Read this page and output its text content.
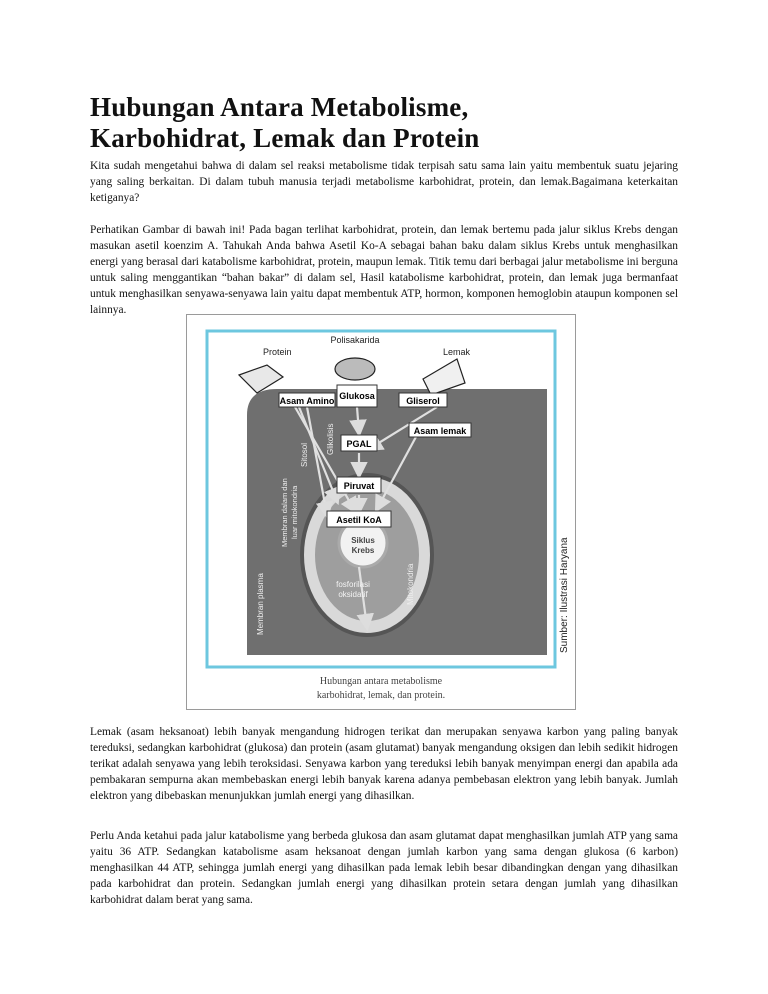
Hubungan Antara Metabolisme,
Karbohidrat, Lemak dan Protein

Kita sudah mengetahui bahwa di dalam sel reaksi metabolisme tidak terpisah satu sama lain yaitu membentuk suatu jejaring yang saling berkaitan. Di dalam tubuh manusia terjadi metabolisme karbohidrat, protein, dan lemak.Bagaimana keterkaitan ketiganya?

Perhatikan Gambar di bawah ini! Pada bagan terlihat karbohidrat, protein, dan lemak bertemu pada jalur siklus Krebs dengan masukan asetil koenzim A. Tahukah Anda bahwa Asetil Ko-A sebagai bahan baku dalam siklus Krebs untuk menghasilkan energi yang berasal dari katabolisme karbohidrat, protein, maupun lemak. Titik temu dari berbagai jalur metabolisme ini berguna untuk saling menggantikan “bahan bakar” di dalam sel, Hasil katabolisme karbohidrat, protein, dan lemak juga bermanfaat untuk menghasilkan senyawa-senyawa lain yaitu dapat membentuk ATP, hormon, komponen hemoglobin ataupun komponen sel lainnya.

Protein
Polisakarida
Lemak
Asam Amino Glukosa	Gliserol
Asam lemak
PGAL
Piruvat
Asetil KoA
Siklus
Krebs
fosforilasi
oksidatif
Sitosol Glikolisis
Membran dalam dan luar mitokondria
Membran plasma	Mitokondria	Sumber: Ilustrasi Haryana
Hubungan antara metabolisme
karbohidrat, lemak, dan protein.

Lemak (asam heksanoat) lebih banyak mengandung hidrogen terikat dan merupakan senyawa karbon yang paling banyak tereduksi, sedangkan karbohidrat (glukosa) dan protein (asam glutamat) banyak mengandung oksigen dan lebih sedikit hidrogen terikat adalah senyawa yang lebih teroksidasi. Senyawa karbon yang tereduksi lebih banyak menyimpan energi dan apabila ada pembakaran sempurna akan membebaskan energi lebih banyak karena adanya pembebasan elektron yang lebih banyak. Jumlah elektron yang dibebaskan menunjukkan jumlah energi yang dihasilkan.

Perlu Anda ketahui pada jalur katabolisme yang berbeda glukosa dan asam glutamat dapat menghasilkan jumlah ATP yang sama yaitu 36 ATP. Sedangkan katabolisme asam heksanoat dengan jumlah karbon yang sama dengan glukosa (6 karbon) menghasilkan 44 ATP, sehingga jumlah energi yang dihasilkan pada lemak lebih besar dibandingkan dengan yang dihasilkan pada karbohidrat dan protein. Sedangkan jumlah energi yang dihasilkan protein setara dengan jumlah yang dihasilkan karbohidrat dalam berat yang sama.
